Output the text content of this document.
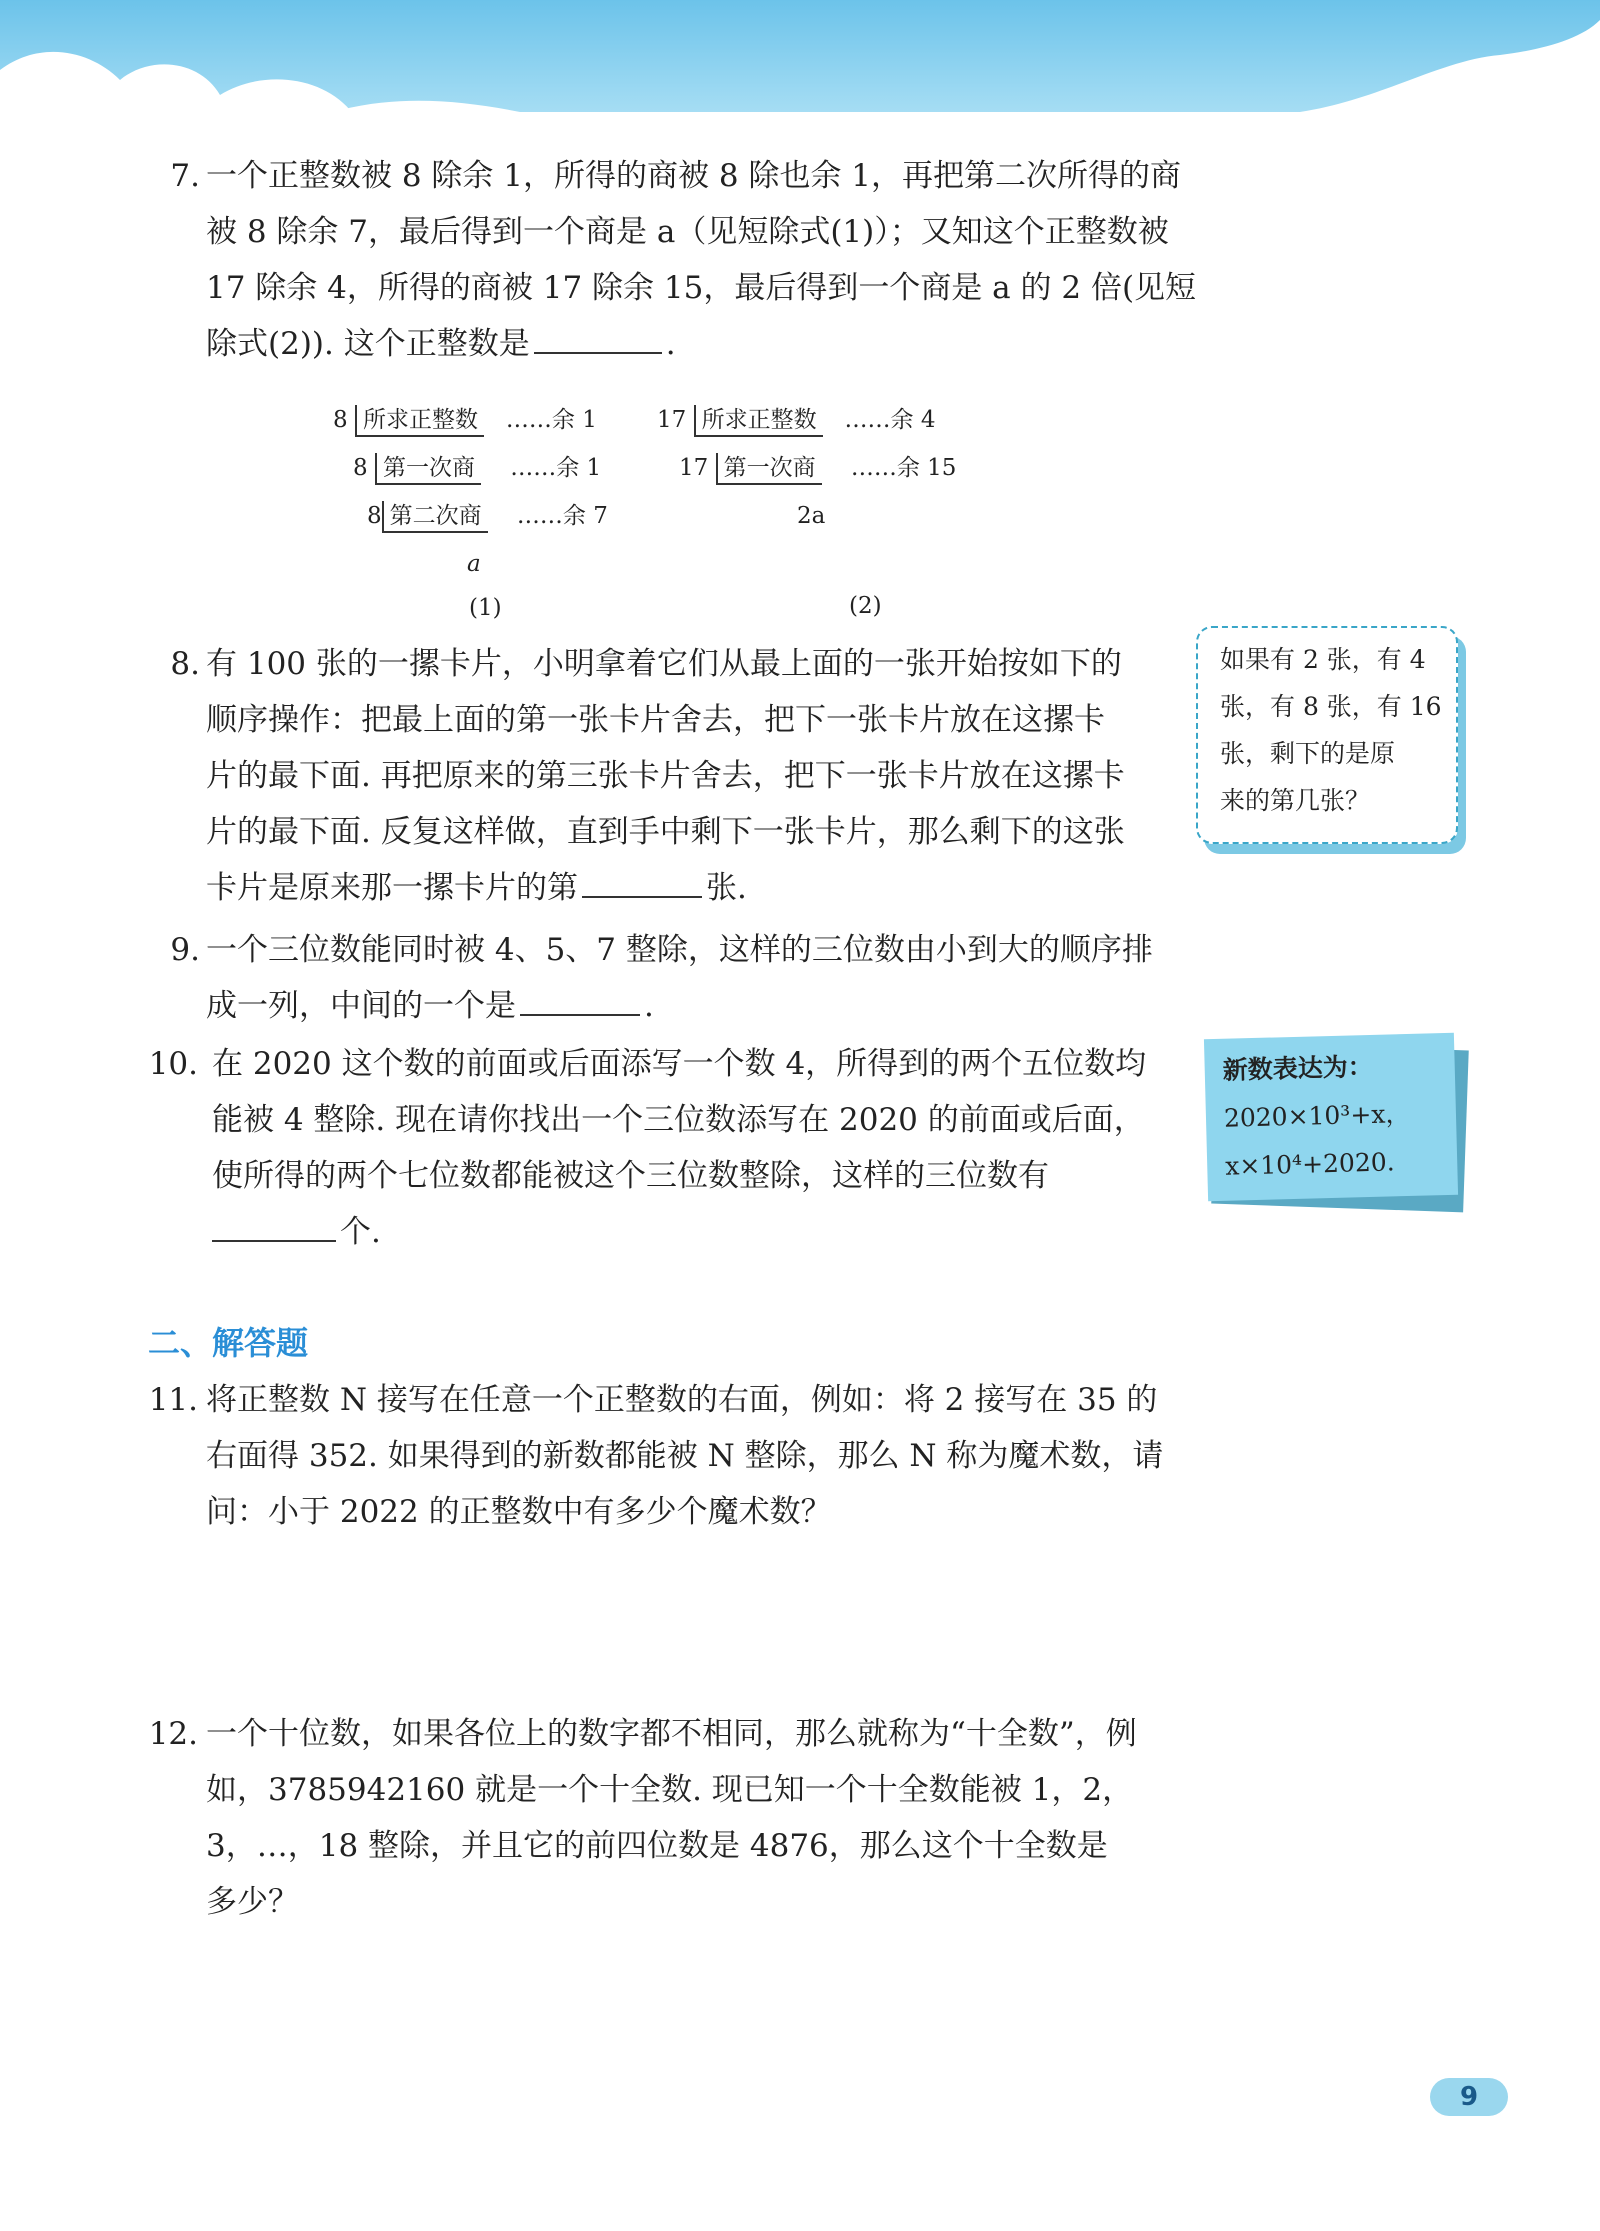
7. 一个正整数被 8 除余 1，所得的商被 8 除也余 1，再把第二次所得的商
被 8 除余 7，最后得到一个商是 a（见短除式(1)）；又知这个正整数被
17 除余 4，所得的商被 17 除余 15，最后得到一个商是 a 的 2 倍(见短
除式(2)). 这个正整数是	.
8 所求正整数 ……余 1
8 第一次商 ……余 1
8 第二次商 ……余 7
a
(1)
17 所求正整数 ……余 4
17 第一次商 ……余 15
2a
(2)
8. 有 100 张的一摞卡片，小明拿着它们从最上面的一张开始按如下的
顺序操作：把最上面的第一张卡片舍去，把下一张卡片放在这摞卡
片的最下面. 再把原来的第三张卡片舍去，把下一张卡片放在这摞卡
片的最下面. 反复这样做，直到手中剩下一张卡片，那么剩下的这张
卡片是原来那一摞卡片的第	张.
如果有 2 张，有 4
张，有 8 张，有 16
张，剩下的是原
来的第几张？
9. 一个三位数能同时被 4、5、7 整除，这样的三位数由小到大的顺序排
成一列，中间的一个是	.
10. 在 2020 这个数的前面或后面添写一个数 4，所得到的两个五位数均
能被 4 整除. 现在请你找出一个三位数添写在 2020 的前面或后面，
使所得的两个七位数都能被这个三位数整除，这样的三位数有
个.
新数表达为：
2020×10³+x，
x×10⁴+2020.
二、解答题
11. 将正整数 N 接写在任意一个正整数的右面，例如：将 2 接写在 35 的
右面得 352. 如果得到的新数都能被 N 整除，那么 N 称为魔术数，请
问：小于 2022 的正整数中有多少个魔术数？
12. 一个十位数，如果各位上的数字都不相同，那么就称为“十全数”，例
如，3785942160 就是一个十全数. 现已知一个十全数能被 1，2，
3，…，18 整除，并且它的前四位数是 4876，那么这个十全数是
多少？
9
